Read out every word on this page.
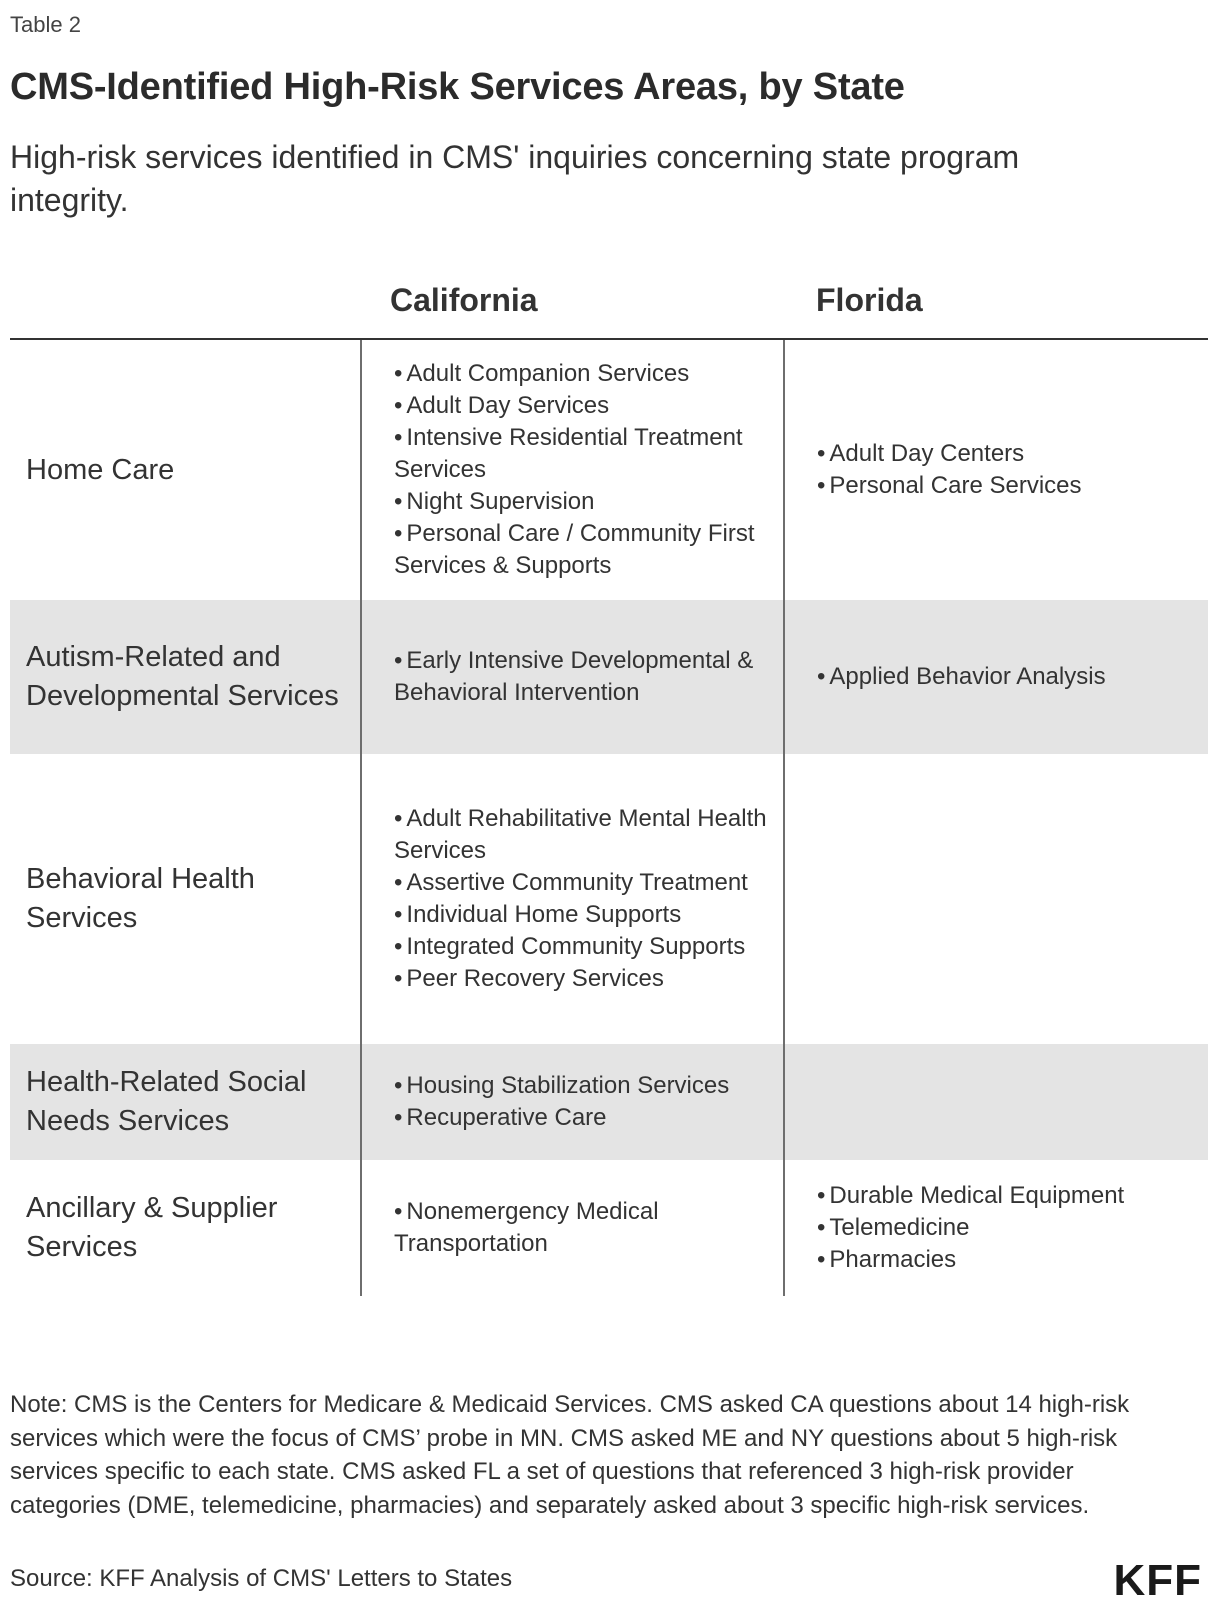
Table 2
CMS-Identified High-Risk Services Areas, by State
High-risk services identified in CMS' inquiries concerning state program integrity.
California	Florida
Home Care
• Adult Companion Services
• Adult Day Services
• Intensive Residential Treatment Services
• Night Supervision
• Personal Care / Community First Services & Supports
• Adult Day Centers
• Personal Care Services
Autism-Related and Developmental Services
• Early Intensive Developmental & Behavioral Intervention
• Applied Behavior Analysis
Behavioral Health Services
• Adult Rehabilitative Mental Health Services
• Assertive Community Treatment
• Individual Home Supports
• Integrated Community Supports
• Peer Recovery Services
Health-Related Social Needs Services
• Housing Stabilization Services
• Recuperative Care
Ancillary & Supplier Services
• Nonemergency Medical Transportation
• Durable Medical Equipment
• Telemedicine
• Pharmacies
Note: CMS is the Centers for Medicare & Medicaid Services. CMS asked CA questions about 14 high-risk services which were the focus of CMS’ probe in MN. CMS asked ME and NY questions about 5 high-risk services specific to each state. CMS asked FL a set of questions that referenced 3 high-risk provider categories (DME, telemedicine, pharmacies) and separately asked about 3 specific high-risk services.
Source: KFF Analysis of CMS' Letters to States	KFF
